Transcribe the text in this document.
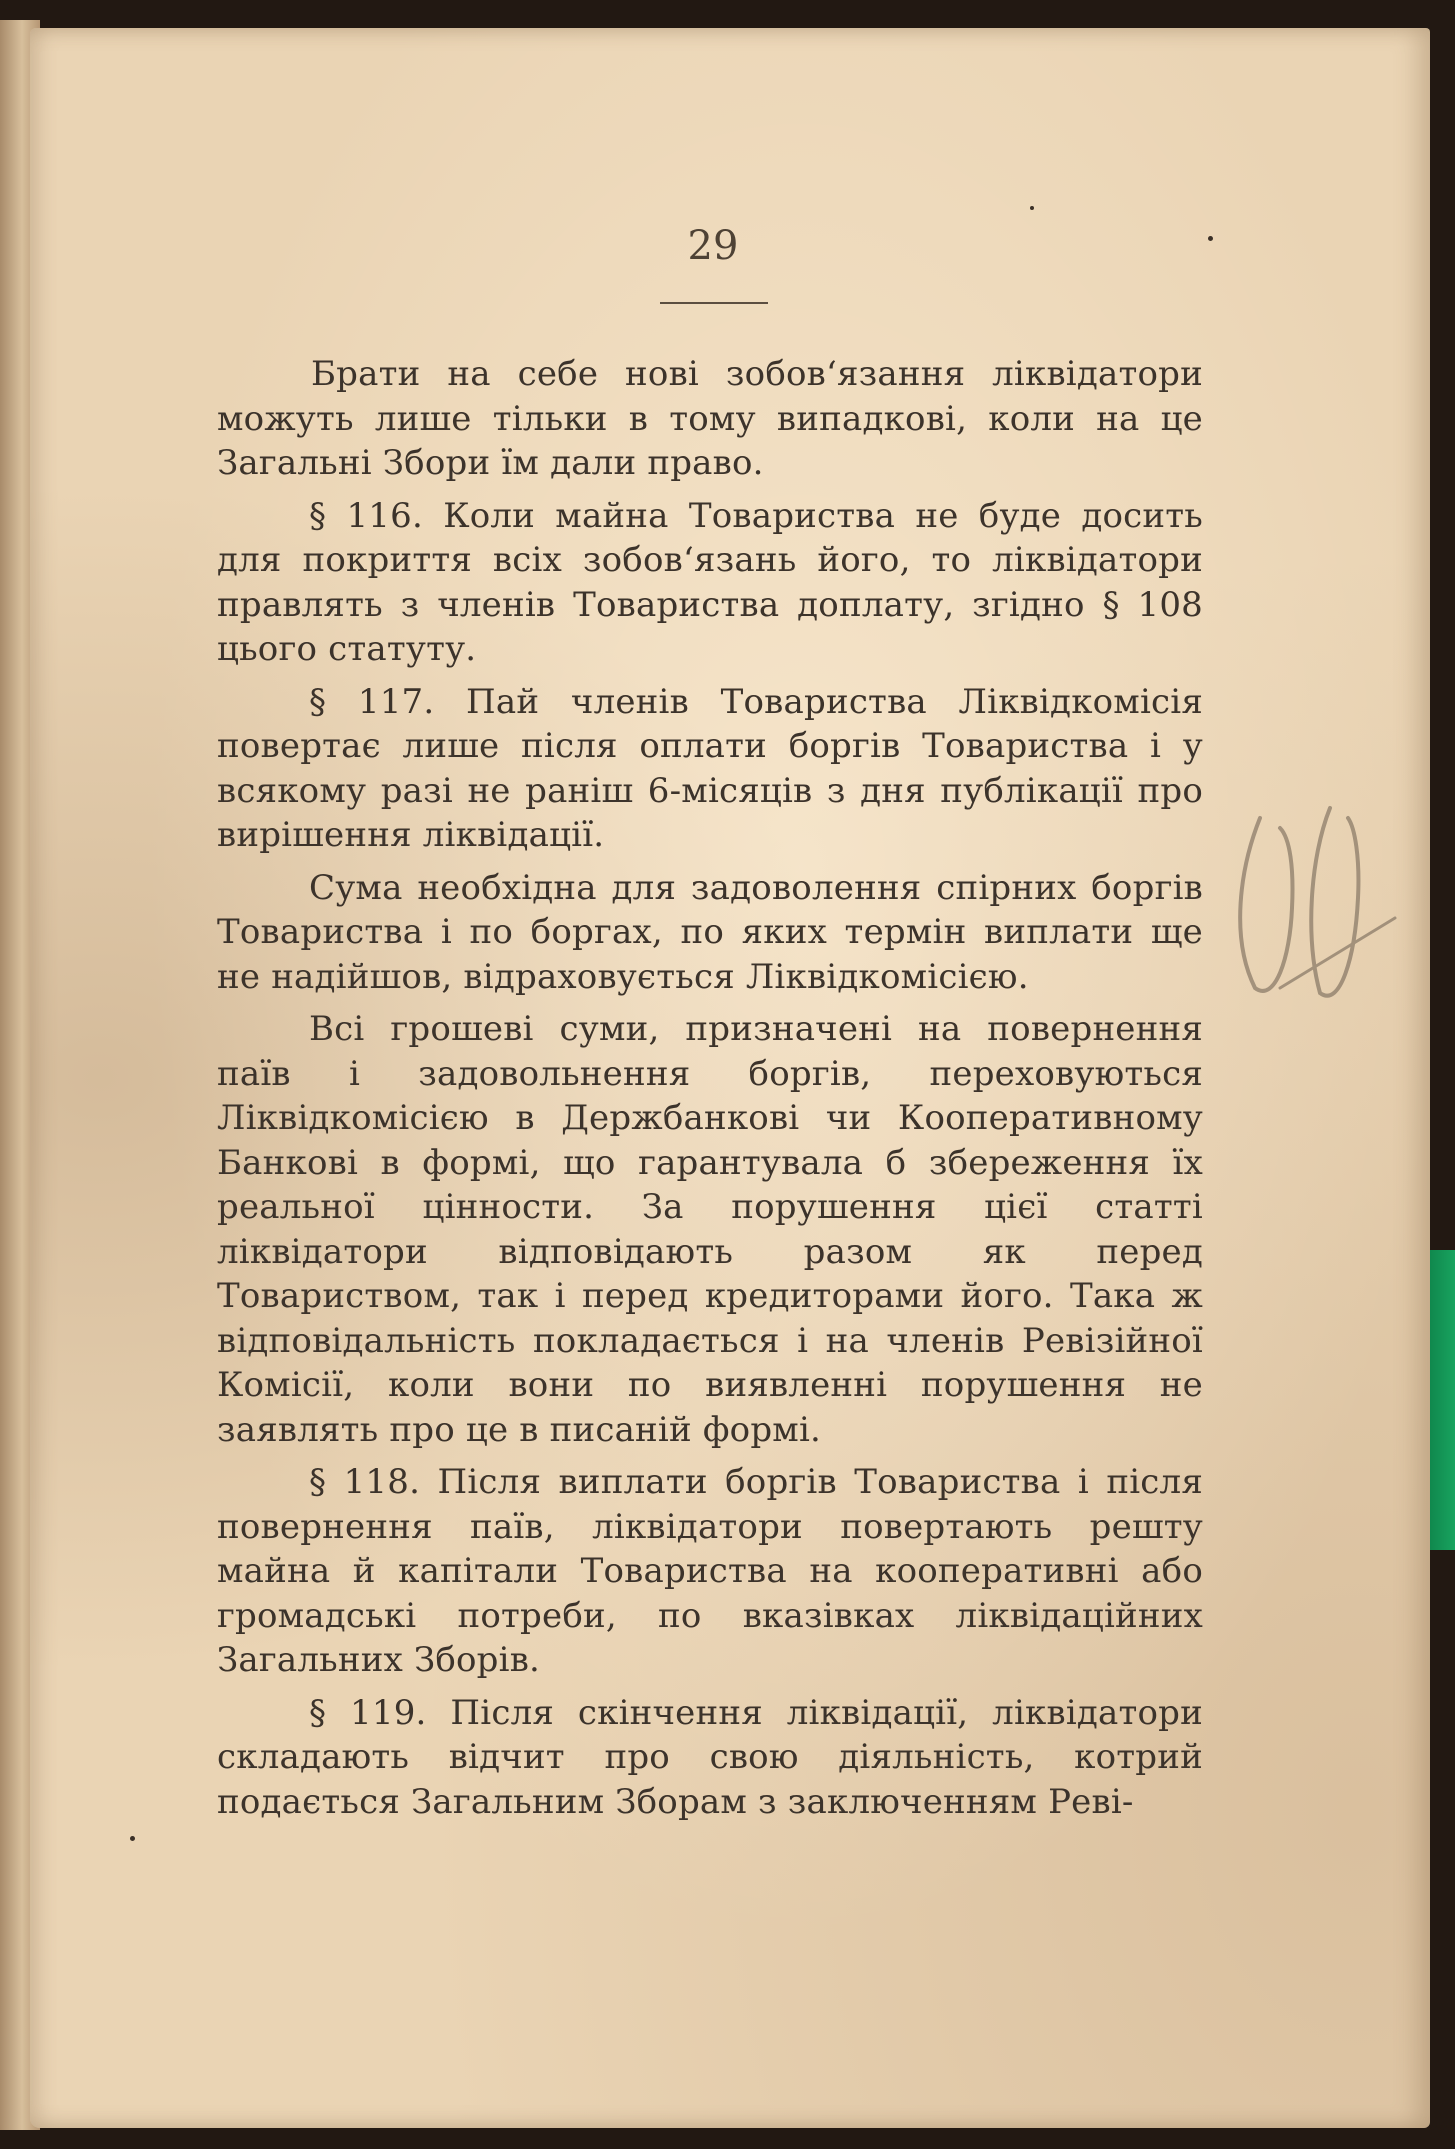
29

Брати на себе нові зобов‘язання ліквідатори можуть лише тільки в тому випадкові, коли на це Загальні Збори їм дали право.

§ 116. Коли майна Товариства не буде досить для покриття всіх зобов‘язань його, то ліквідатори правлять з членів Товариства доплату, згідно § 108 цього статуту.

§ 117. Пай членів Товариства Ліквідкомісія повертає лише після оплати боргів Товариства і у всякому разі не раніш 6-місяців з дня публікації про вирішення ліквідації.

Сума необхідна для задоволення спірних боргів Товариства і по боргах, по яких термін виплати ще не надійшов, відраховується Ліквідкомісією.

Всі грошеві суми, призначені на повернення паїв і задовольнення боргів, переховуються Ліквідкомісією в Держбанкові чи Кооперативному Банкові в формі, що гарантувала б збереження їх реальної цінности. За порушення цієї статті ліквідатори відповідають разом як перед Товариством, так і перед кредиторами його. Така ж відповідальність покладається і на членів Ревізійної Комісії, коли вони по виявленні порушення не заявлять про це в писаній формі.

§ 118. Після виплати боргів Товариства і після повернення паїв, ліквідатори повертають решту майна й капітали Товариства на кооперативні або громадські потреби, по вказівках ліквідаційних Загальних Зборів.

§ 119. Після скінчення ліквідації, ліквідатори складають відчит про свою діяльність, котрий подається Загальним Зборам з заключенням Реві-
